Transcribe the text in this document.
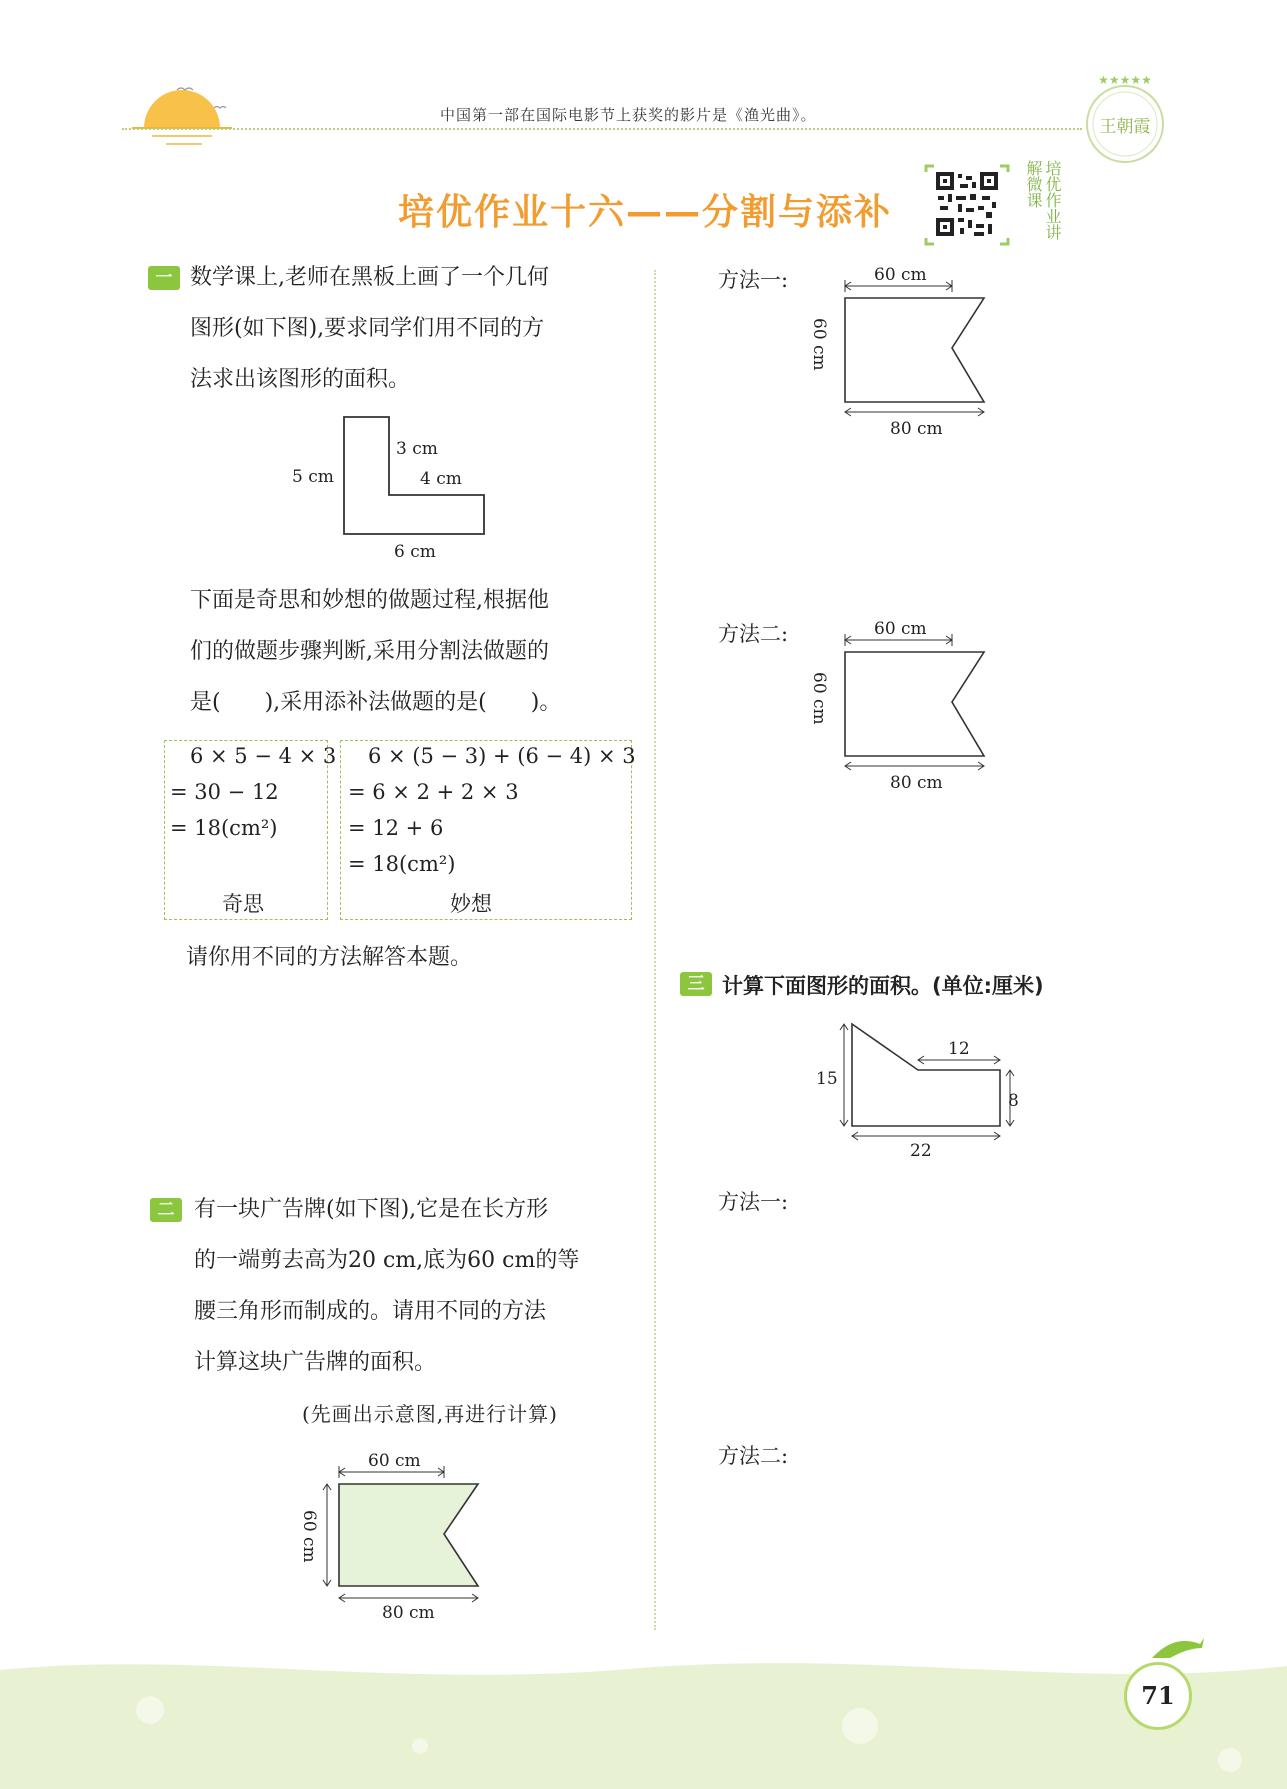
中国第一部在国际电影节上获奖的影片是《渔光曲》。
★★★★★
王朝霞
培优作业十六——分割与添补	培优作业讲解微课
一 数学课上,老师在黑板上画了一个几何
图形(如下图),要求同学们用不同的方
法求出该图形的面积。
5 cm
3 cm
4 cm
6 cm
下面是奇思和妙想的做题过程,根据他
们的做题步骤判断,采用分割法做题的
是(　　),采用添补法做题的是(　　)。
6 × 5 − 4 × 3
= 30 − 12
= 18(cm²)
奇思
6 × (5 − 3) + (6 − 4) × 3
= 6 × 2 + 2 × 3
= 12 + 6
= 18(cm²)
妙想
请你用不同的方法解答本题。
二 有一块广告牌(如下图),它是在长方形
的一端剪去高为20 cm,底为60 cm的等
腰三角形而制成的。请用不同的方法
计算这块广告牌的面积。
(先画出示意图,再进行计算)
60 cm
60 cm
80 cm
方法一:	60 cm
60 cm
80 cm
方法二:	60 cm
60 cm
80 cm
三 计算下面图形的面积。(单位:厘米)
15
12
8
22
方法一:
方法二:
71
